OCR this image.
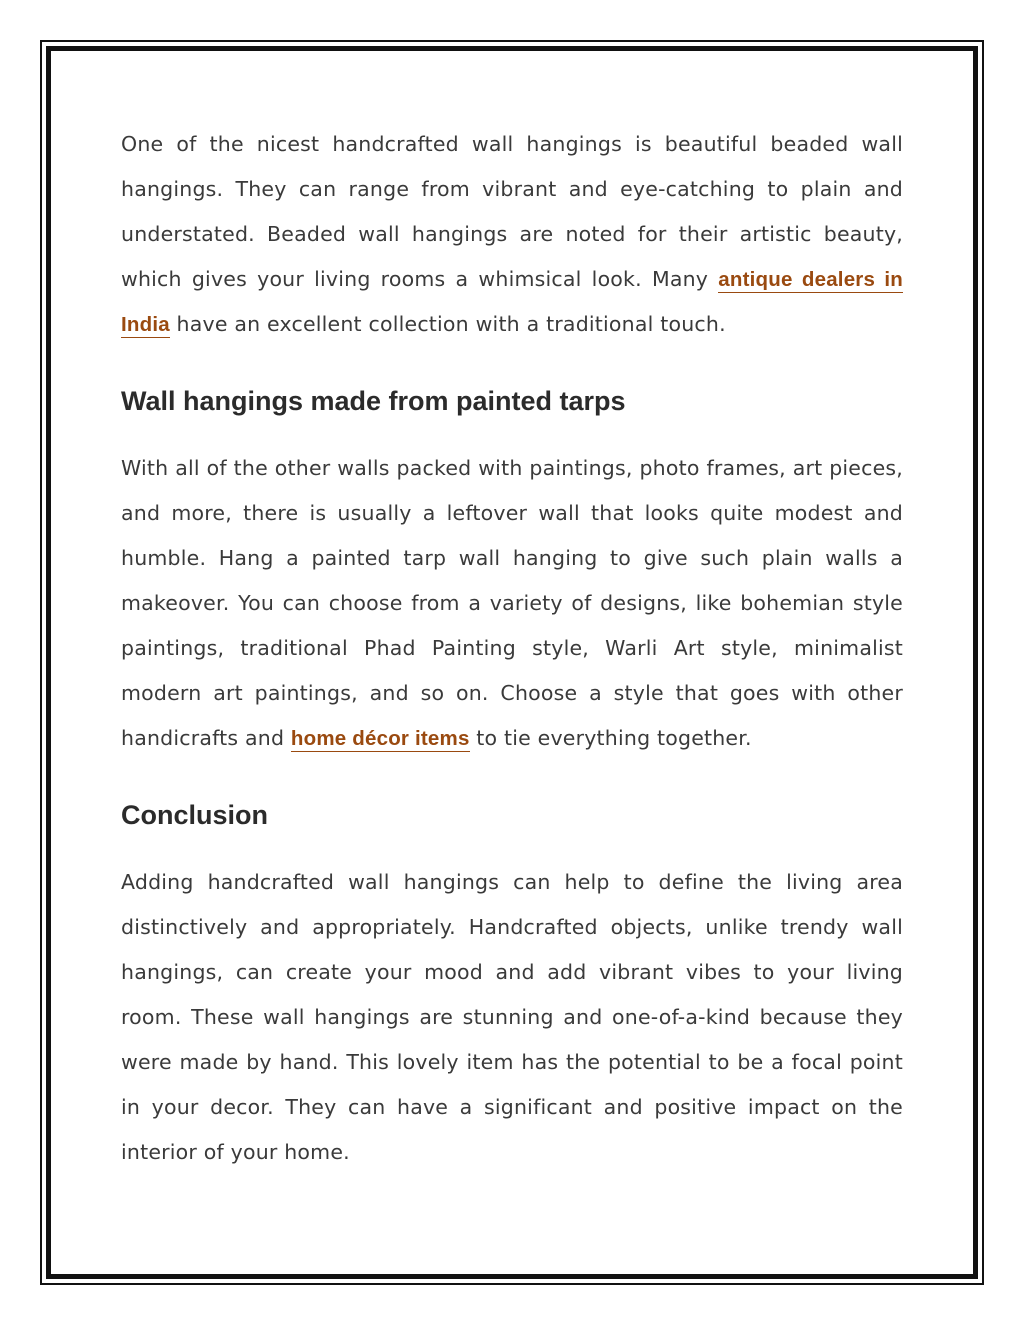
One of the nicest handcrafted wall hangings is beautiful beaded wall hangings. They can range from vibrant and eye-catching to plain and understated. Beaded wall hangings are noted for their artistic beauty, which gives your living rooms a whimsical look. Many antique dealers in India have an excellent collection with a traditional touch.

Wall hangings made from painted tarps

With all of the other walls packed with paintings, photo frames, art pieces, and more, there is usually a leftover wall that looks quite modest and humble. Hang a painted tarp wall hanging to give such plain walls a makeover. You can choose from a variety of designs, like bohemian style paintings, traditional Phad Painting style, Warli Art style, minimalist modern art paintings, and so on. Choose a style that goes with other handicrafts and home décor items to tie everything together.

Conclusion

Adding handcrafted wall hangings can help to define the living area distinctively and appropriately. Handcrafted objects, unlike trendy wall hangings, can create your mood and add vibrant vibes to your living room. These wall hangings are stunning and one-of-a-kind because they were made by hand. This lovely item has the potential to be a focal point in your decor. They can have a significant and positive impact on the interior of your home.
